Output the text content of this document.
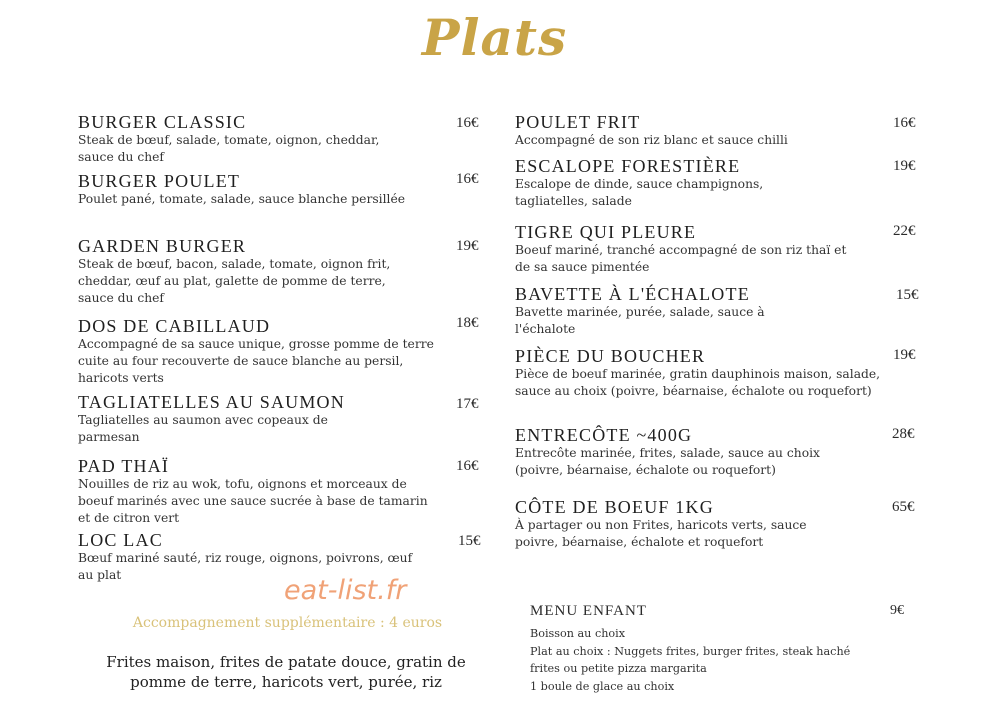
Plats
BURGER CLASSIC
Steak de bœuf, salade, tomate, oignon, cheddar, sauce du chef
16€
BURGER POULET
Poulet pané, tomate, salade, sauce blanche persillée
16€
GARDEN BURGER
Steak de bœuf, bacon, salade, tomate, oignon frit, cheddar, œuf au plat, galette de pomme de terre, sauce du chef
19€
DOS DE CABILLAUD
Accompagné de sa sauce unique, grosse pomme de terre cuite au four recouverte de sauce blanche au persil, haricots verts
18€
TAGLIATELLES AU SAUMON
Tagliatelles au saumon avec copeaux de parmesan
17€
PAD THAÏ
Nouilles de riz au wok, tofu, oignons et morceaux de boeuf marinés avec une sauce sucrée à base de tamarin et de citron vert
16€
LOC LAC
Bœuf mariné sauté, riz rouge, oignons, poivrons, œuf au plat
15€
POULET FRIT
Accompagné de son riz blanc et sauce chilli
16€
ESCALOPE FORESTIÈRE
Escalope de dinde, sauce champignons, tagliatelles, salade
19€
TIGRE QUI PLEURE
Boeuf mariné, tranché accompagné de son riz thaï et de sa sauce pimentée
22€
BAVETTE À L'ÉCHALOTE
Bavette marinée, purée, salade, sauce à l'échalote
15€
PIÈCE DU BOUCHER
Pièce de boeuf marinée, gratin dauphinois maison, salade, sauce au choix (poivre, béarnaise, échalote ou roquefort)
19€
ENTRECÔTE ~400G
Entrecôte marinée, frites, salade, sauce au choix (poivre, béarnaise, échalote ou roquefort)
28€
CÔTE DE BOEUF 1KG
À partager ou non Frites, haricots verts, sauce poivre, béarnaise, échalote et roquefort
65€
eat-list.fr
Accompagnement supplémentaire : 4 euros
Frites maison, frites de patate douce, gratin de pomme de terre, haricots vert, purée, riz
MENU ENFANT	9€
Boisson au choix
Plat au choix : Nuggets frites, burger frites, steak haché
frites ou petite pizza margarita
1 boule de glace au choix
